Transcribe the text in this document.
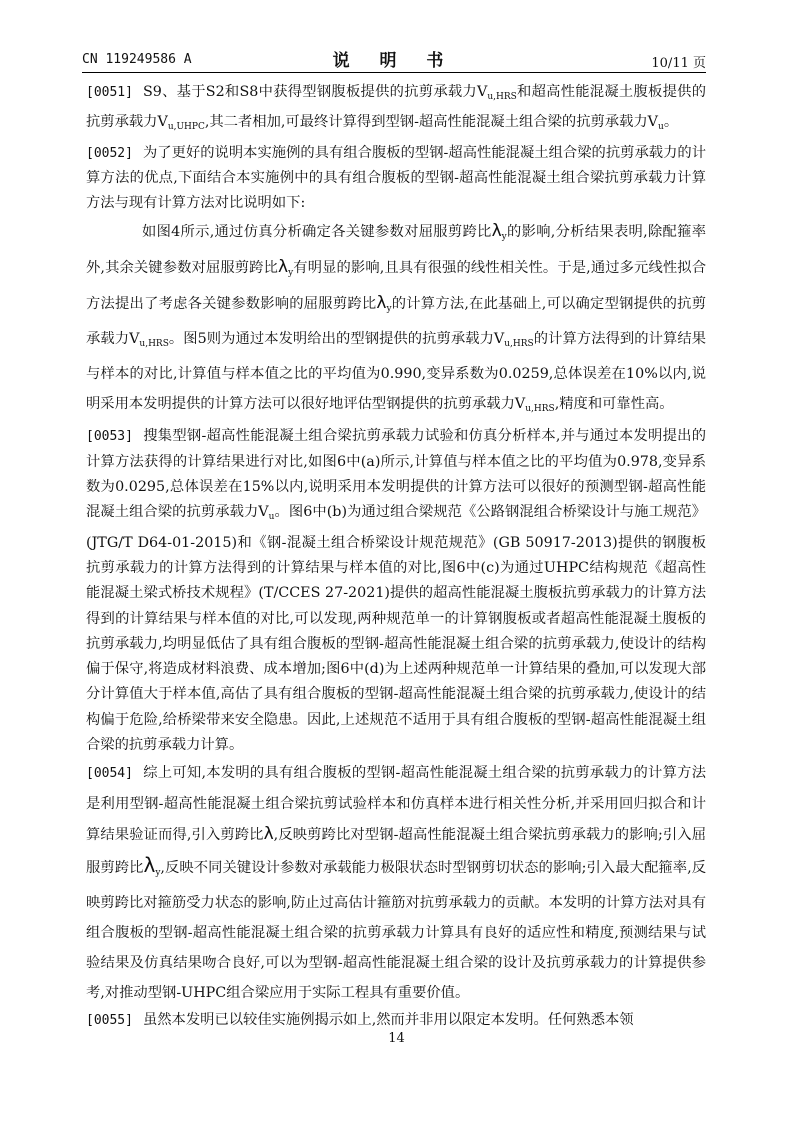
CN 119249586 A	说 明 书	10/11 页

[0051] S9、基于S2和S8中获得型钢腹板提供的抗剪承载力$V_{u,HRS}$和超高性能混凝土腹板提供的抗剪承载力$V_{u,UHPC}$,其二者相加,可最终计算得到型钢-超高性能混凝土组合梁的抗剪承载力$V_u$。

[0052] 为了更好的说明本实施例的具有组合腹板的型钢-超高性能混凝土组合梁的抗剪承载力的计算方法的优点,下面结合本实施例中的具有组合腹板的型钢-超高性能混凝土组合梁抗剪承载力计算方法与现有计算方法对比说明如下:

如图4所示,通过仿真分析确定各关键参数对屈服剪跨比$\lambda_y$的影响,分析结果表明,除配箍率外,其余关键参数对屈服剪跨比$\lambda_y$有明显的影响,且具有很强的线性相关性。于是,通过多元线性拟合方法提出了考虑各关键参数影响的屈服剪跨比$\lambda_y$的计算方法,在此基础上,可以确定型钢提供的抗剪承载力$V_{u,HRS}$。图5则为通过本发明给出的型钢提供的抗剪承载力$V_{u,HRS}$的计算方法得到的计算结果与样本的对比,计算值与样本值之比的平均值为0.990,变异系数为0.0259,总体误差在10%以内,说明采用本发明提供的计算方法可以很好地评估型钢提供的抗剪承载力$V_{u,HRS}$,精度和可靠性高。

[0053] 搜集型钢-超高性能混凝土组合梁抗剪承载力试验和仿真分析样本,并与通过本发明提出的计算方法获得的计算结果进行对比,如图6中(a)所示,计算值与样本值之比的平均值为0.978,变异系数为0.0295,总体误差在15%以内,说明采用本发明提供的计算方法可以很好的预测型钢-超高性能混凝土组合梁的抗剪承载力$V_u$。图6中(b)为通过组合梁规范《公路钢混组合桥梁设计与施工规范》(JTG/T D64-01-2015)和《钢-混凝土组合桥梁设计规范规范》(GB 50917-2013)提供的钢腹板抗剪承载力的计算方法得到的计算结果与样本值的对比,图6中(c)为通过UHPC结构规范《超高性能混凝土梁式桥技术规程》(T/CCES 27-2021)提供的超高性能混凝土腹板抗剪承载力的计算方法得到的计算结果与样本值的对比,可以发现,两种规范单一的计算钢腹板或者超高性能混凝土腹板的抗剪承载力,均明显低估了具有组合腹板的型钢-超高性能混凝土组合梁的抗剪承载力,使设计的结构偏于保守,将造成材料浪费、成本增加;图6中(d)为上述两种规范单一计算结果的叠加,可以发现大部分计算值大于样本值,高估了具有组合腹板的型钢-超高性能混凝土组合梁的抗剪承载力,使设计的结构偏于危险,给桥梁带来安全隐患。因此,上述规范不适用于具有组合腹板的型钢-超高性能混凝土组合梁的抗剪承载力计算。

[0054] 综上可知,本发明的具有组合腹板的型钢-超高性能混凝土组合梁的抗剪承载力的计算方法是利用型钢-超高性能混凝土组合梁抗剪试验样本和仿真样本进行相关性分析,并采用回归拟合和计算结果验证而得,引入剪跨比λ,反映剪跨比对型钢-超高性能混凝土组合梁抗剪承载力的影响;引入屈服剪跨比$\lambda_y$,反映不同关键设计参数对承载能力极限状态时型钢剪切状态的影响;引入最大配箍率,反映剪跨比对箍筋受力状态的影响,防止过高估计箍筋对抗剪承载力的贡献。本发明的计算方法对具有组合腹板的型钢-超高性能混凝土组合梁的抗剪承载力计算具有良好的适应性和精度,预测结果与试验结果及仿真结果吻合良好,可以为型钢-超高性能混凝土组合梁的设计及抗剪承载力的计算提供参考,对推动型钢-UHPC组合梁应用于实际工程具有重要价值。

[0055] 虽然本发明已以较佳实施例揭示如上,然而并非用以限定本发明。任何熟悉本领

14
